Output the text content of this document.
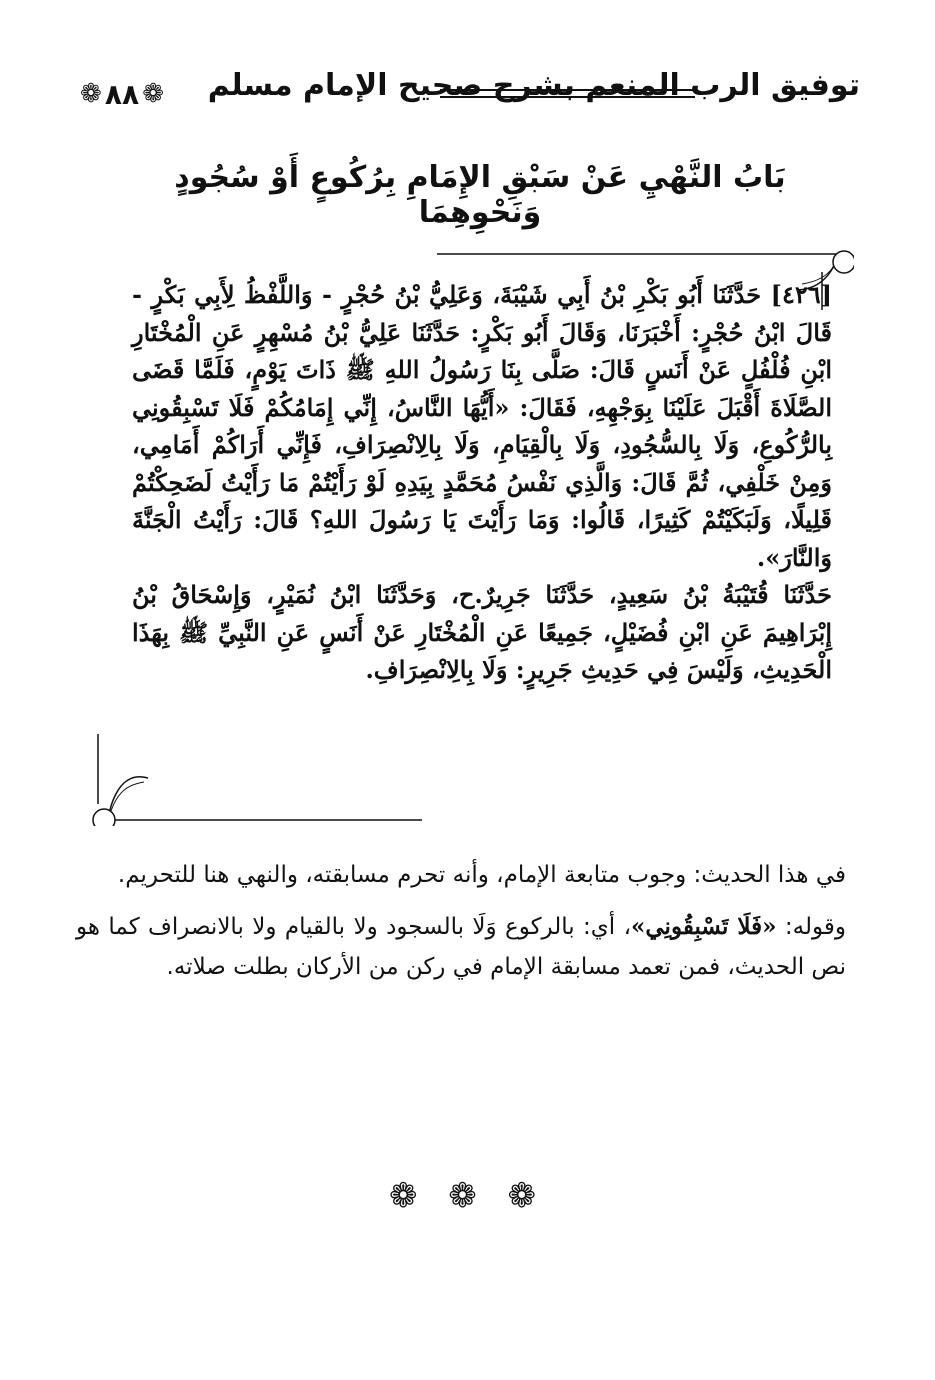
❁ ٨٨ ❁ توفيق الرب المنعم بشرح صحيح الإمام مسلم
بَابُ النَّهْيِ عَنْ سَبْقِ الإِمَامِ بِرُكُوعٍ أَوْ سُجُودٍ وَنَحْوِهِمَا

[٤٢٦] حَدَّثَنَا أَبُو بَكْرِ بْنُ أَبِي شَيْبَةَ، وَعَلِيُّ بْنُ حُجْرٍ - وَاللَّفْظُ لِأَبِي بَكْرٍ - قَالَ ابْنُ حُجْرٍ: أَخْبَرَنَا، وَقَالَ أَبُو بَكْرٍ: حَدَّثَنَا عَلِيُّ بْنُ مُسْهِرٍ عَنِ الْمُخْتَارِ ابْنِ فُلْفُلٍ عَنْ أَنَسٍ قَالَ: صَلَّى بِنَا رَسُولُ اللهِ ﷺ ذَاتَ يَوْمٍ، فَلَمَّا قَضَى الصَّلَاةَ أَقْبَلَ عَلَيْنَا بِوَجْهِهِ، فَقَالَ: «أَيُّهَا النَّاسُ، إِنِّي إِمَامُكُمْ فَلَا تَسْبِقُونِي بِالرُّكُوعِ، وَلَا بِالسُّجُودِ، وَلَا بِالْقِيَامِ، وَلَا بِالِانْصِرَافِ، فَإِنِّي أَرَاكُمْ أَمَامِي، وَمِنْ خَلْفِي، ثُمَّ قَالَ: وَالَّذِي نَفْسُ مُحَمَّدٍ بِيَدِهِ لَوْ رَأَيْتُمْ مَا رَأَيْتُ لَضَحِكْتُمْ قَلِيلًا، وَلَبَكَيْتُمْ كَثِيرًا، قَالُوا: وَمَا رَأَيْتَ يَا رَسُولَ اللهِ؟ قَالَ: رَأَيْتُ الْجَنَّةَ وَالنَّارَ».

حَدَّثَنَا قُتَيْبَةُ بْنُ سَعِيدٍ، حَدَّثَنَا جَرِيرٌ.ح، وَحَدَّثَنَا ابْنُ نُمَيْرٍ، وَإِسْحَاقُ بْنُ إِبْرَاهِيمَ عَنِ ابْنِ فُضَيْلٍ، جَمِيعًا عَنِ الْمُخْتَارِ عَنْ أَنَسٍ عَنِ النَّبِيِّ ﷺ بِهَذَا الْحَدِيثِ، وَلَيْسَ فِي حَدِيثِ جَرِيرٍ: وَلَا بِالِانْصِرَافِ.

في هذا الحديث: وجوب متابعة الإمام، وأنه تحرم مسابقته، والنهي هنا للتحريم.

وقوله: «فَلَا تَسْبِقُونِي»، أي: بالركوع وَلَا بالسجود ولا بالقيام ولا بالانصراف كما هو نص الحديث، فمن تعمد مسابقة الإمام في ركن من الأركان بطلت صلاته.

❁ ❁ ❁
